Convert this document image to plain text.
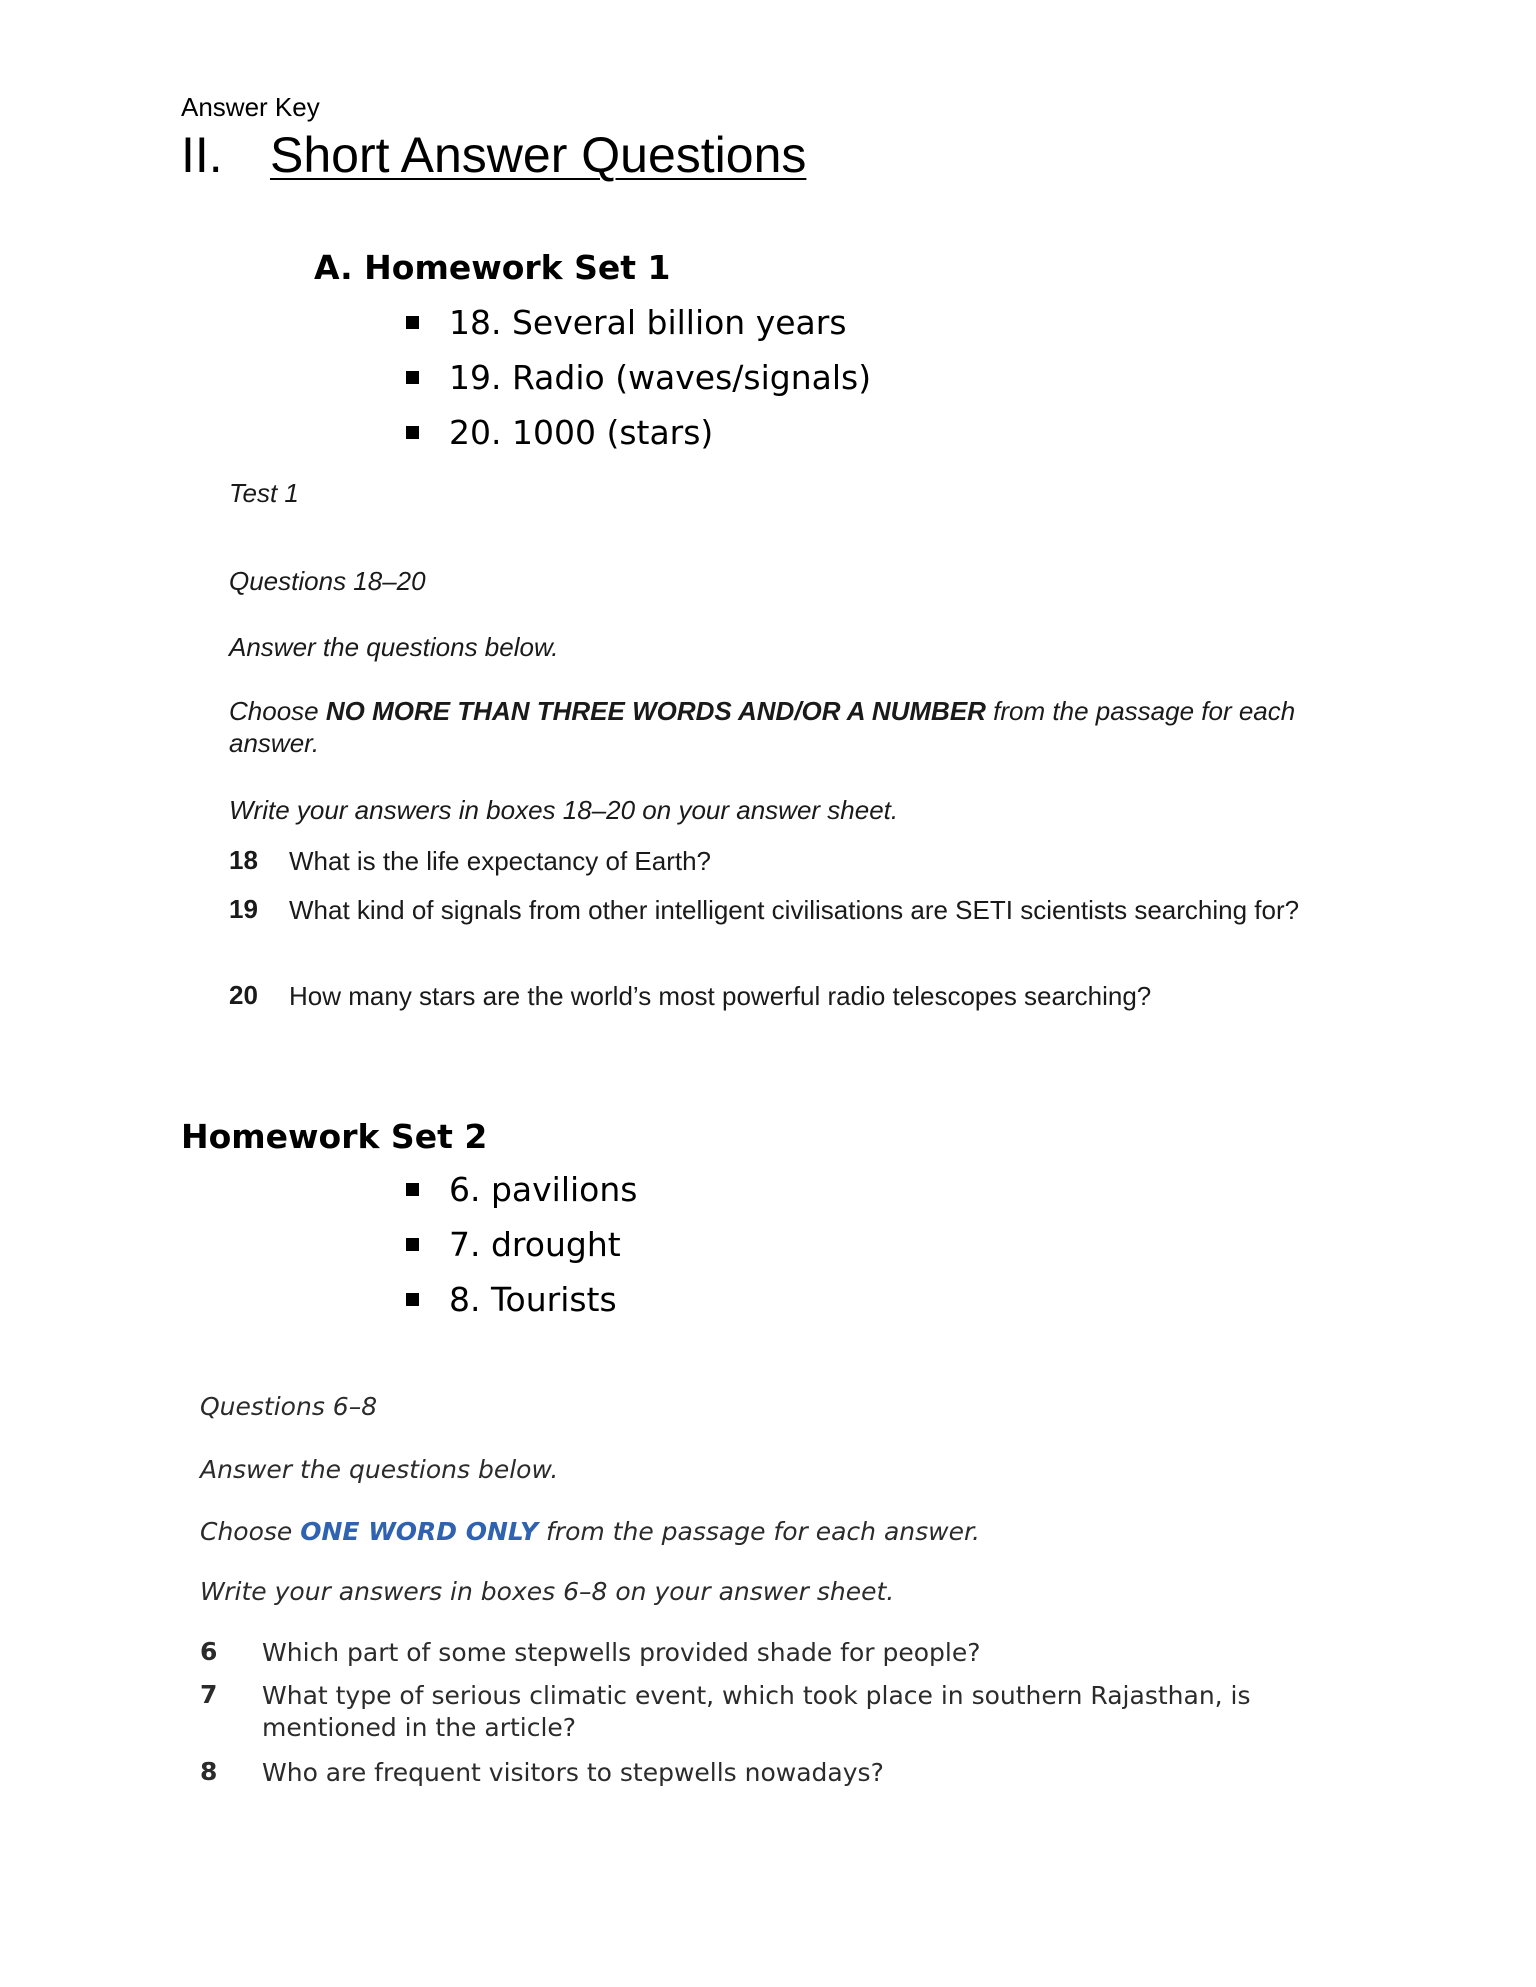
Answer Key
II. Short Answer Questions
A. Homework Set 1
18. Several billion years
19. Radio (waves/signals)
20. 1000 (stars)
Test 1
Questions 18–20
Answer the questions below.
Choose NO MORE THAN THREE WORDS AND/OR A NUMBER from the passage for each answer.
Write your answers in boxes 18–20 on your answer sheet.
18	What is the life expectancy of Earth?
19	What kind of signals from other intelligent civilisations are SETI scientists searching for?
20	How many stars are the world’s most powerful radio telescopes searching?
Homework Set 2
6. pavilions
7. drought
8. Tourists
Questions 6–8
Answer the questions below.
Choose ONE WORD ONLY from the passage for each answer.
Write your answers in boxes 6–8 on your answer sheet.
6	Which part of some stepwells provided shade for people?
7	What type of serious climatic event, which took place in southern Rajasthan, is mentioned in the article?
8	Who are frequent visitors to stepwells nowadays?
